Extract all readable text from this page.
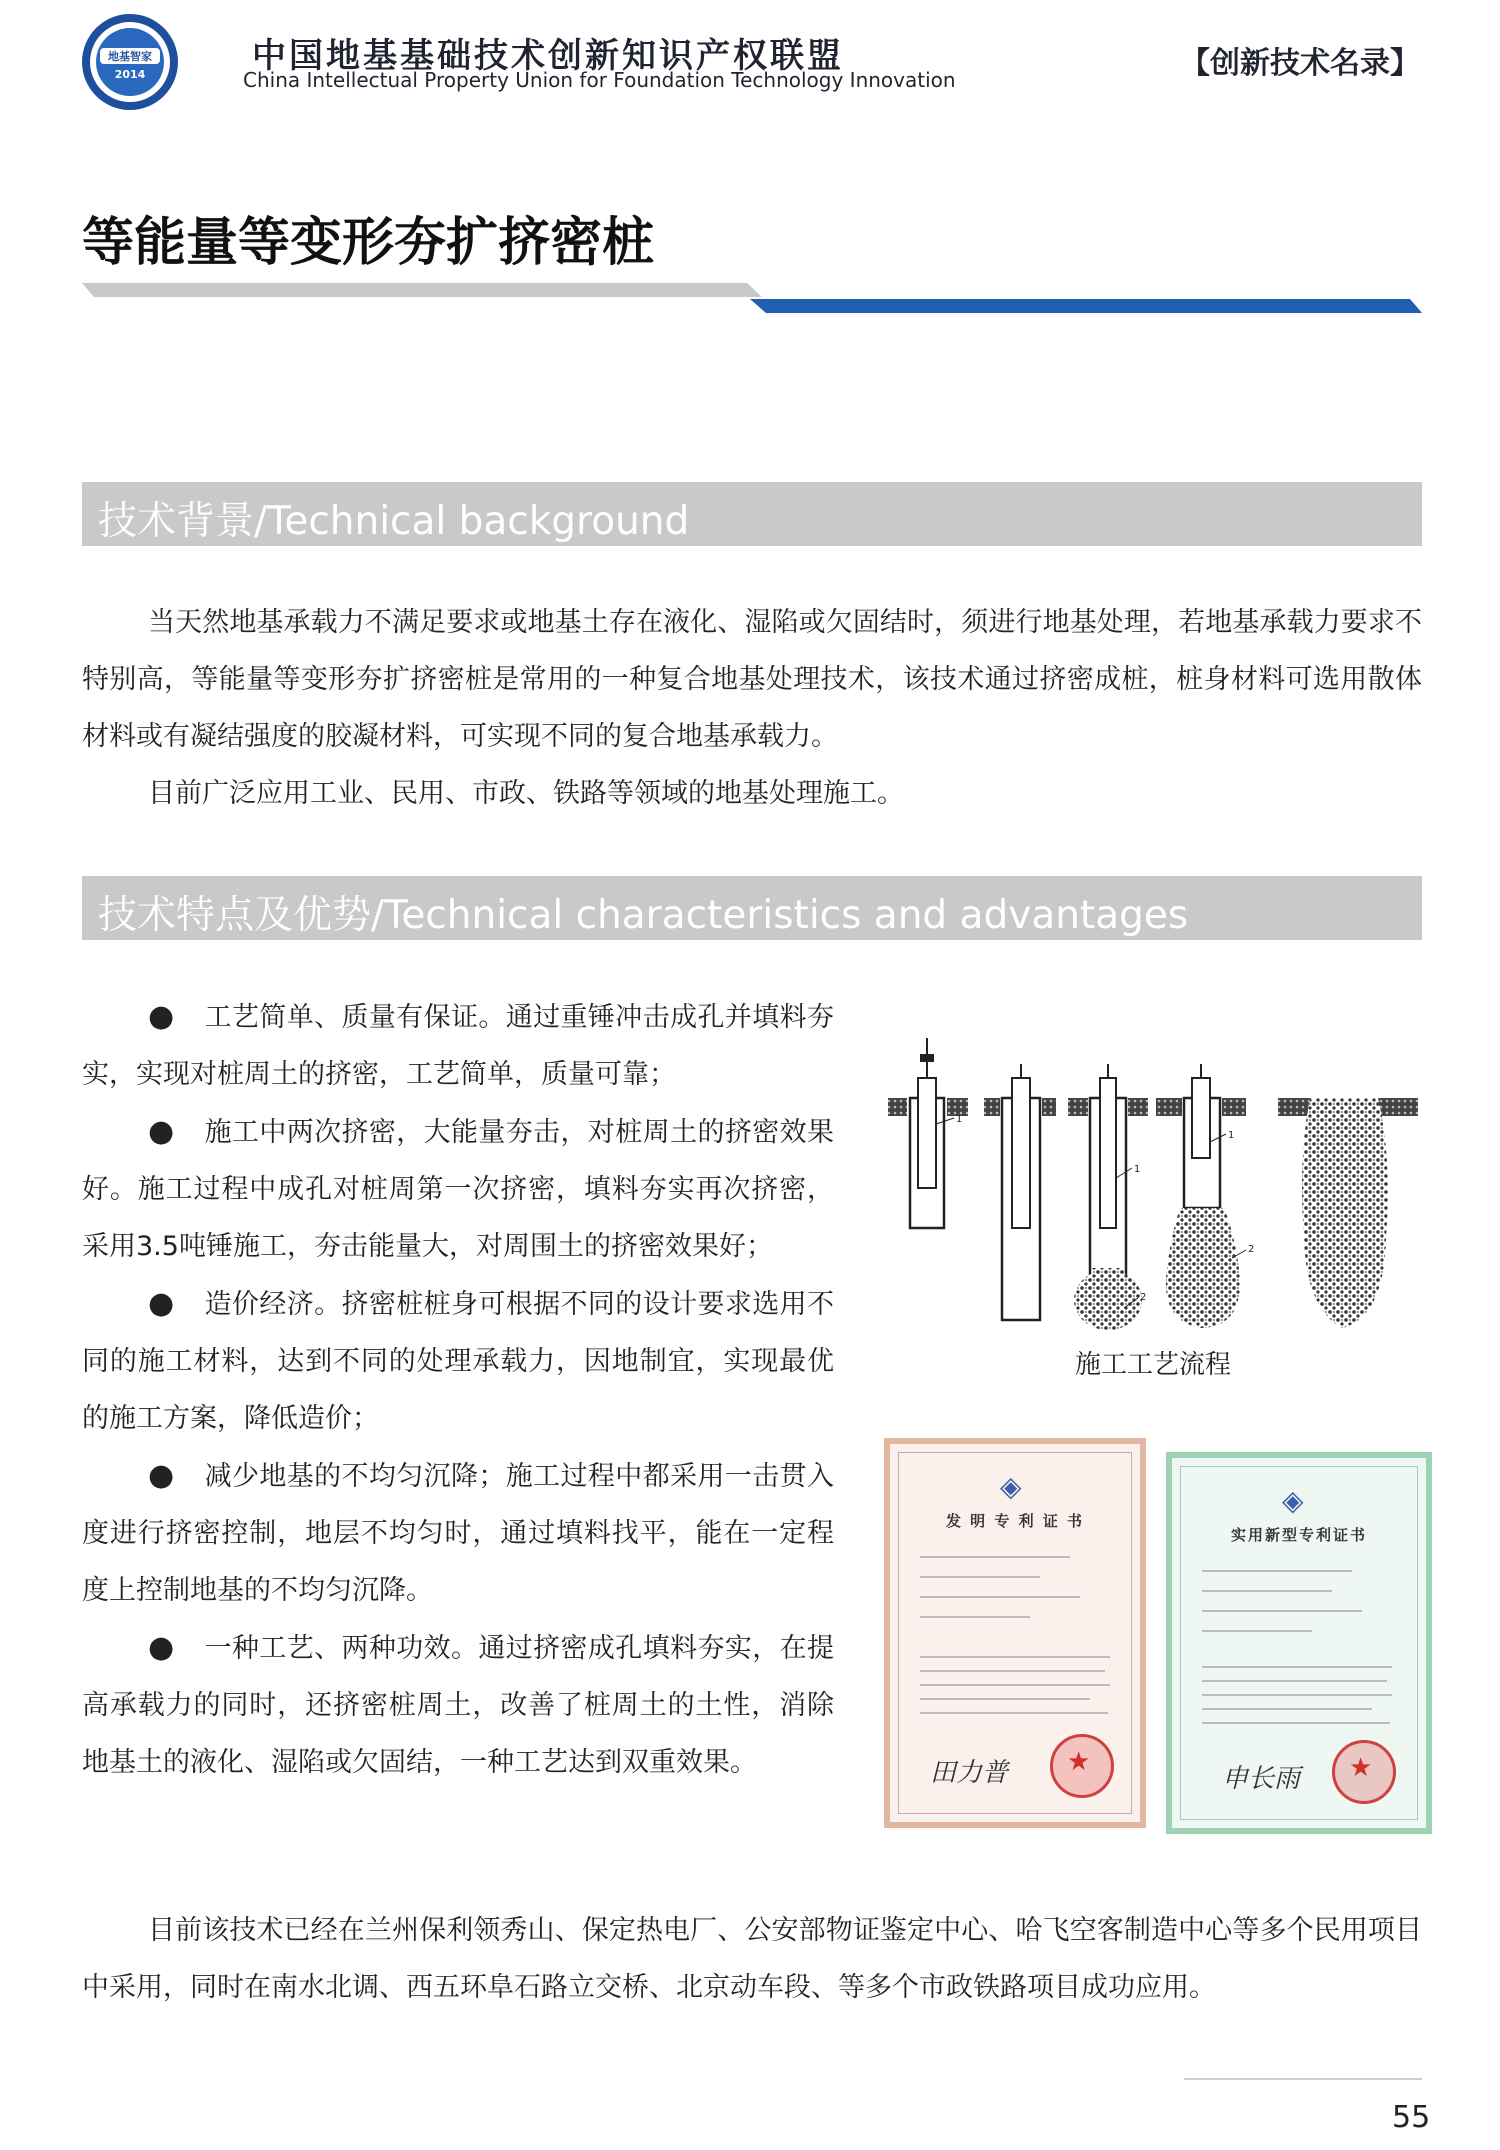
地基智家
2014	中国地基基础技术创新知识产权联盟
China Intellectual Property Union for Foundation Technology Innovation	【创新技术名录】
等能量等变形夯扩挤密桩
技术背景/Technical background
当天然地基承载力不满足要求或地基土存在液化、湿陷或欠固结时，须进行地基处理，若地基承载力要求不特别高，等能量等变形夯扩挤密桩是常用的一种复合地基处理技术，该技术通过挤密成桩，桩身材料可选用散体材料或有凝结强度的胶凝材料，可实现不同的复合地基承载力。
目前广泛应用工业、民用、市政、铁路等领域的地基处理施工。
技术特点及优势/Technical characteristics and advantages

● 工艺简单、质量有保证。通过重锤冲击成孔并填料夯实，实现对桩周土的挤密，工艺简单，质量可靠；

● 施工中两次挤密，大能量夯击，对桩周土的挤密效果好。施工过程中成孔对桩周第一次挤密，填料夯实再次挤密，采用3.5吨锤施工，夯击能量大，对周围土的挤密效果好；

● 造价经济。挤密桩桩身可根据不同的设计要求选用不同的施工材料，达到不同的处理承载力，因地制宜，实现最优的施工方案，降低造价；

● 减少地基的不均匀沉降；施工过程中都采用一击贯入度进行挤密控制，地层不均匀时，通过填料找平，能在一定程度上控制地基的不均匀沉降。

● 一种工艺、两种功效。通过挤密成孔填料夯实，在提高承载力的同时，还挤密桩周土，改善了桩周土的土性，消除地基土的液化、湿陷或欠固结，一种工艺达到双重效果。

目前该技术已经在兰州保利领秀山、保定热电厂、公安部物证鉴定中心、哈飞空客制造中心等多个民用项目中采用，同时在南水北调、西五环阜石路立交桥、北京动车段、等多个市政铁路项目成功应用。
1
1
2
1
2
施工工艺流程
◈
发 明 专 利 证 书
田力普 ★
◈
实用新型专利证书
申长雨 ★
55
